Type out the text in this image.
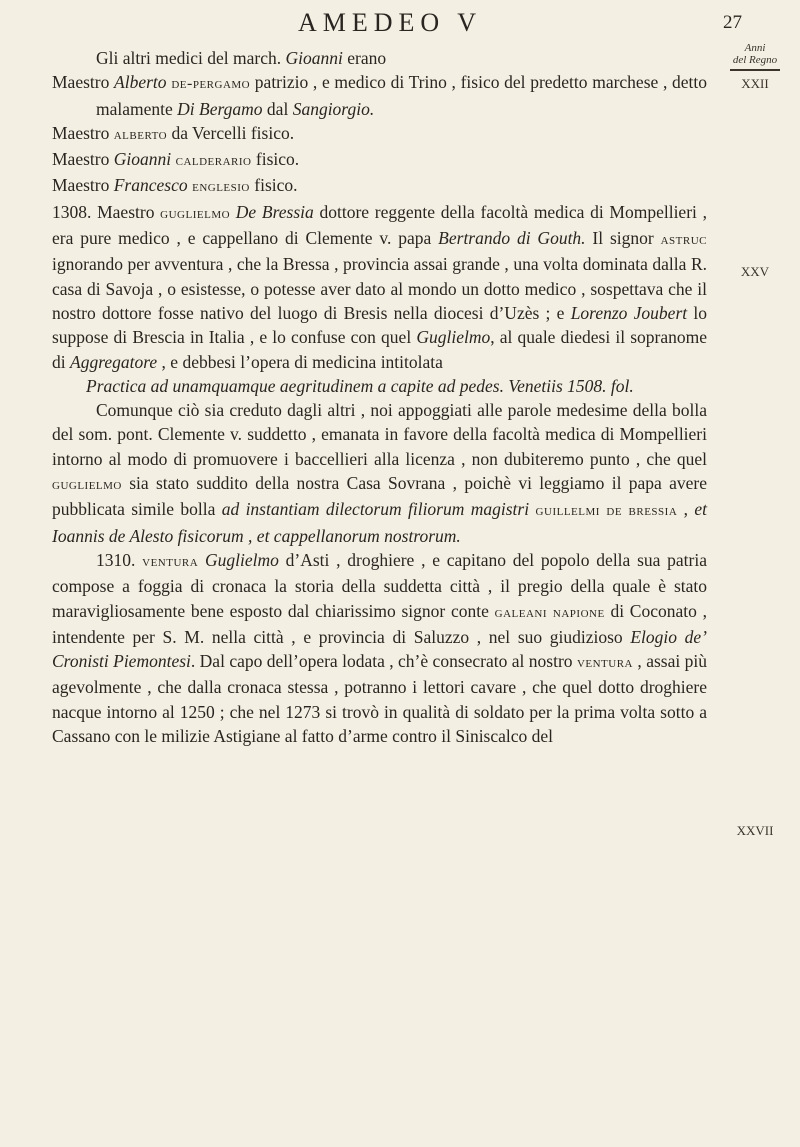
AMEDEO V	27
Anni
del Regno
XXII
XXV
XXVII

Gli altri medici del march. Gioanni erano

Maestro Alberto de-pergamo patrizio , e medico di Trino , fisico del predetto marchese , detto malamente Di Bergamo dal Sangiorgio.

Maestro alberto da Vercelli fisico.

Maestro Gioanni calderario fisico.

Maestro Francesco englesio fisico.

1308. Maestro guglielmo De Bressia dottore reggente della facoltà medica di Mompellieri , era pure medico , e cappellano di Clemente v. papa Bertrando di Gouth. Il signor astruc ignorando per avventura , che la Bressa , provincia assai grande , una volta dominata dalla R. casa di Savoja , o esistesse, o potesse aver dato al mondo un dotto medico , sospettava che il nostro dottore fosse nativo del luogo di Bresis nella diocesi d’Uzès ; e Lorenzo Joubert lo suppose di Brescia in Italia , e lo confuse con quel Guglielmo, al quale diedesi il sopranome di Aggregatore , e debbesi l’opera di medicina intitolata

Practica ad unamquamque aegritudinem a capite ad pedes. Venetiis 1508. fol.

Comunque ciò sia creduto dagli altri , noi appoggiati alle parole medesime della bolla del som. pont. Clemente v. suddetto , emanata in favore della facoltà medica di Mompellieri intorno al modo di promuovere i baccellieri alla licenza , non dubiteremo punto , che quel guglielmo sia stato suddito della nostra Casa Sovrana , poichè vi leggiamo il papa avere pubblicata simile bolla ad instantiam dilectorum filiorum magistri guillelmi de bressia , et Ioannis de Alesto fisicorum , et cappellanorum nostrorum.

1310. ventura Guglielmo d’Asti , droghiere , e capitano del popolo della sua patria compose a foggia di cronaca la storia della suddetta città , il pregio della quale è stato maravigliosamente bene esposto dal chiarissimo signor conte galeani napione di Coconato , intendente per S. M. nella città , e provincia di Saluzzo , nel suo giudizioso Elogio de’ Cronisti Piemontesi. Dal capo dell’opera lodata , ch’è consecrato al nostro ventura , assai più agevolmente , che dalla cronaca stessa , potranno i lettori cavare , che quel dotto droghiere nacque intorno al 1250 ; che nel 1273 si trovò in qualità di soldato per la prima volta sotto a Cassano con le milizie Astigiane al fatto d’arme contro il Siniscalco del
